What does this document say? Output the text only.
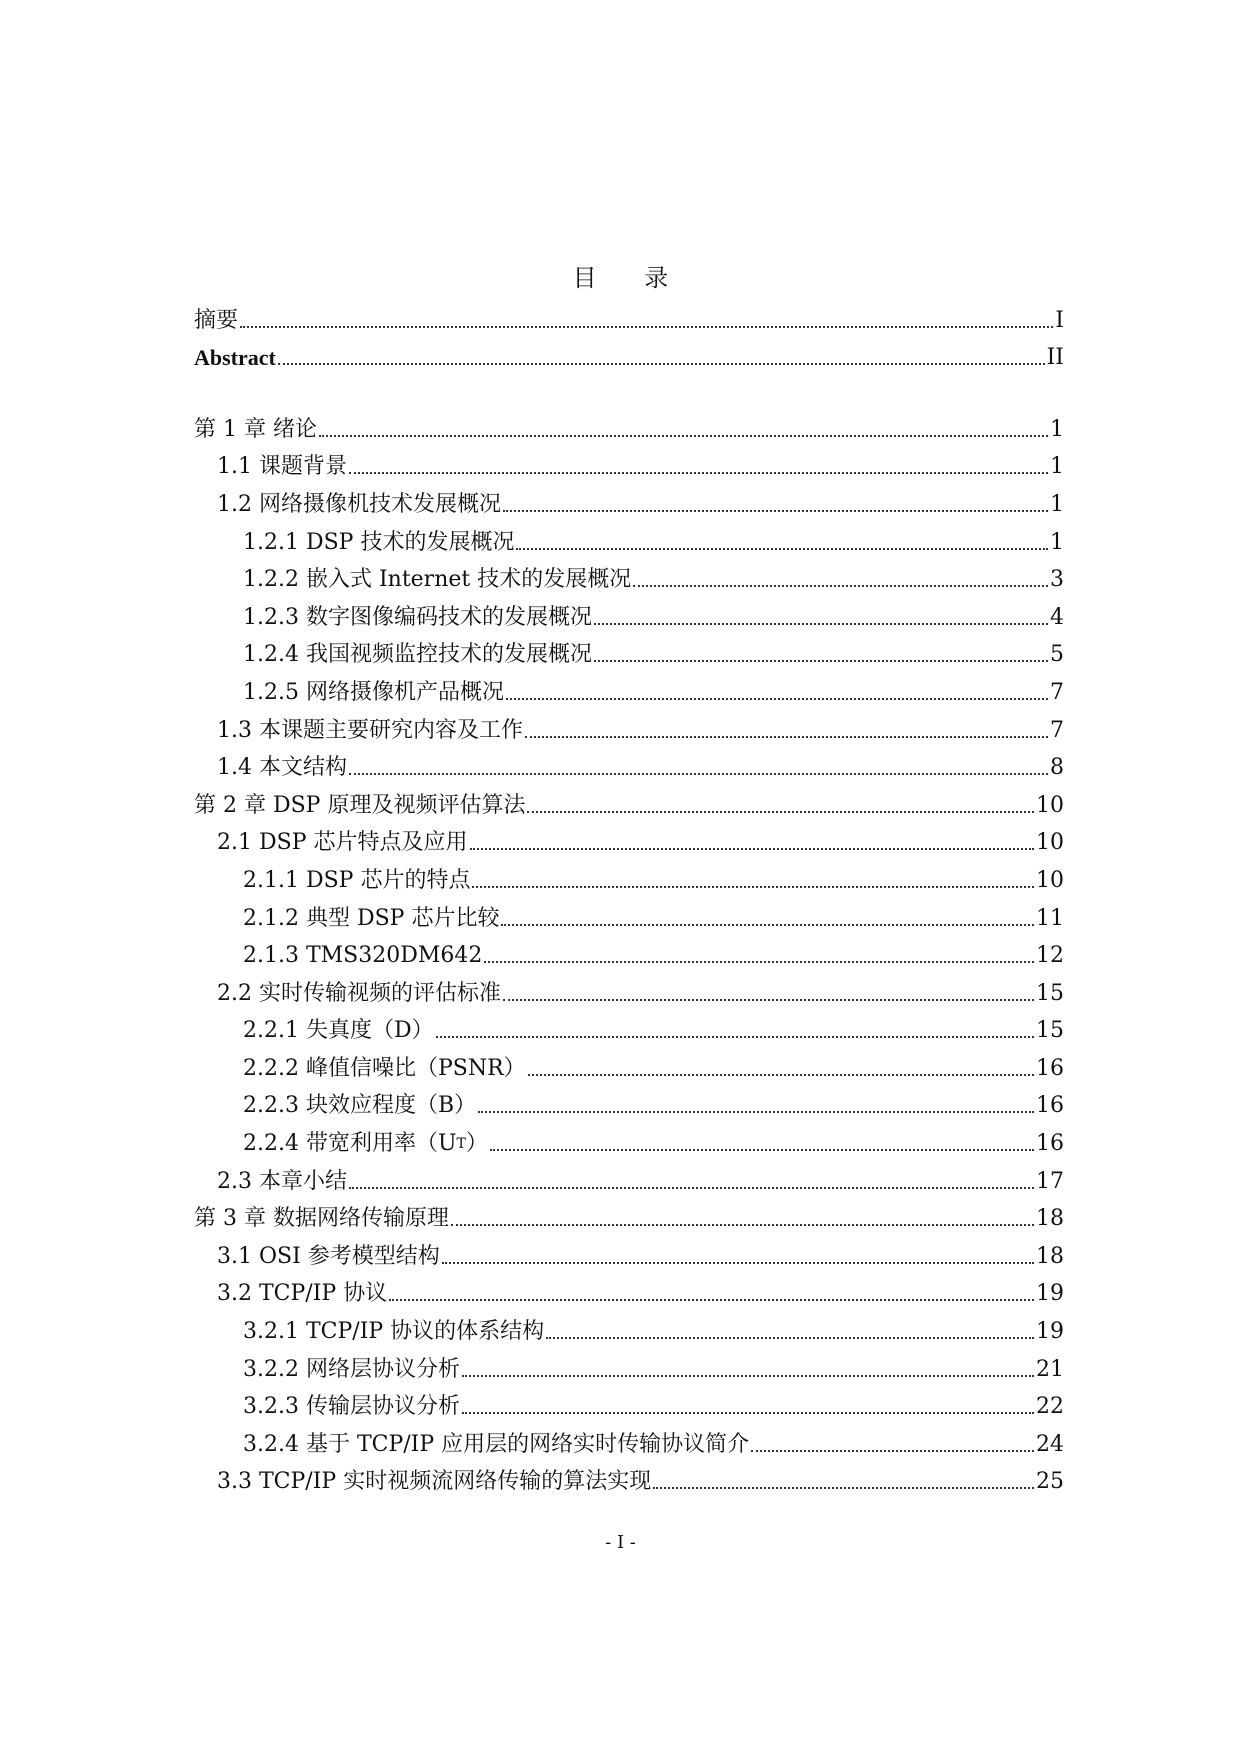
目 录
摘要	I
Abstract	II
第 1 章 绪论	1
1.1 课题背景	1
1.2 网络摄像机技术发展概况	1
1.2.1 DSP 技术的发展概况	1
1.2.2 嵌入式 Internet 技术的发展概况	3
1.2.3 数字图像编码技术的发展概况	4
1.2.4 我国视频监控技术的发展概况	5
1.2.5 网络摄像机产品概况	7
1.3 本课题主要研究内容及工作	7
1.4 本文结构	8
第 2 章 DSP 原理及视频评估算法	10
2.1 DSP 芯片特点及应用	10
2.1.1 DSP 芯片的特点	10
2.1.2 典型 DSP 芯片比较	11
2.1.3 TMS320DM642	12
2.2 实时传输视频的评估标准	15
2.2.1 失真度（D）	15
2.2.2 峰值信噪比（PSNR）	16
2.2.3 块效应程度（B）	16
2.2.4 带宽利用率（U T ）	16
2.3 本章小结	17
第 3 章 数据网络传输原理	18
3.1 OSI 参考模型结构	18
3.2 TCP/IP 协议	19
3.2.1 TCP/IP 协议的体系结构	19
3.2.2 网络层协议分析	21
3.2.3 传输层协议分析	22
3.2.4 基于 TCP/IP 应用层的网络实时传输协议简介	24
3.3 TCP/IP 实时视频流网络传输的算法实现	25
- I -
